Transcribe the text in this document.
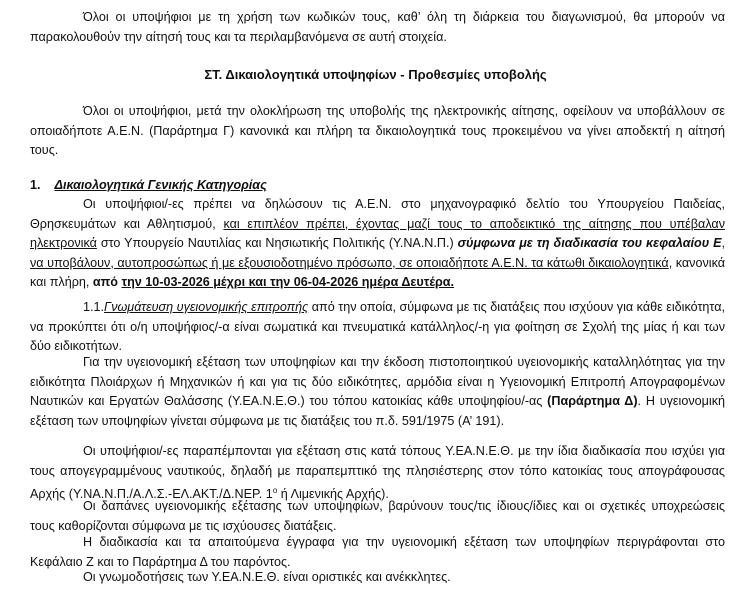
Όλοι οι υποψήφιοι με τη χρήση των κωδικών τους, καθ’ όλη τη διάρκεια του διαγωνισμού, θα μπορούν να παρακολουθούν την αίτησή τους και τα περιλαμβανόμενα σε αυτή στοιχεία.

ΣΤ. Δικαιολογητικά υποψηφίων - Προθεσμίες υποβολής

Όλοι οι υποψήφιοι, μετά την ολοκλήρωση της υποβολής της ηλεκτρονικής αίτησης, οφείλουν να υποβάλλουν σε οποιαδήποτε Α.Ε.Ν. (Παράρτημα Γ) κανονικά και πλήρη τα δικαιολογητικά τους προκειμένου να γίνει αποδεκτή η αίτησή τους.

1. Δικαιολογητικά Γενικής Κατηγορίας

Οι υποψήφιοι/-ες πρέπει να δηλώσουν τις Α.Ε.Ν. στο μηχανογραφικό δελτίο του Υπουργείου Παιδείας, Θρησκευμάτων και Αθλητισμού, και επιπλέον πρέπει, έχοντας μαζί τους το αποδεικτικό της αίτησης που υπέβαλαν ηλεκτρονικά στο Υπουργείο Ναυτιλίας και Νησιωτικής Πολιτικής (Υ.ΝΑ.Ν.Π.) σύμφωνα με τη διαδικασία του κεφαλαίου Ε, να υποβάλουν, αυτοπροσώπως ή με εξουσιοδοτημένο πρόσωπο, σε οποιαδήποτε Α.Ε.Ν. τα κάτωθι δικαιολογητικά, κανονικά και πλήρη, από την 10-03-2026 μέχρι και την 06-04-2026 ημέρα Δευτέρα.

1.1.Γνωμάτευση υγειονομικής επιτροπής από την οποία, σύμφωνα με τις διατάξεις που ισχύουν για κάθε ειδικότητα, να προκύπτει ότι ο/η υποψήφιος/-α είναι σωματικά και πνευματικά κατάλληλος/-η για φοίτηση σε Σχολή της μίας ή και των δύο ειδικοτήτων.

Για την υγειονομική εξέταση των υποψηφίων και την έκδοση πιστοποιητικού υγειονομικής καταλληλότητας για την ειδικότητα Πλοιάρχων ή Μηχανικών ή και για τις δύο ειδικότητες, αρμόδια είναι η Υγειονομική Επιτροπή Απογραφομένων Ναυτικών και Εργατών Θαλάσσης (Υ.ΕΑ.Ν.Ε.Θ.) του τόπου κατοικίας κάθε υποψηφίου/-ας (Παράρτημα Δ). Η υγειονομική εξέταση των υποψηφίων γίνεται σύμφωνα με τις διατάξεις του π.δ. 591/1975 (Α’ 191).

Οι υποψήφιοι/-ες παραπέμπονται για εξέταση στις κατά τόπους Υ.ΕΑ.Ν.Ε.Θ. με την ίδια διαδικασία που ισχύει για τους απογεγραμμένους ναυτικούς, δηλαδή με παραπεμπτικό της πλησιέστερης στον τόπο κατοικίας τους απογράφουσας Αρχής (Υ.ΝΑ.Ν.Π./Α.Λ.Σ.-ΕΛ.ΑΚΤ./Δ.ΝΕΡ. $1^o$ ή Λιμενικής Αρχής).

Οι δαπάνες υγειονομικής εξέτασης των υποψηφίων, βαρύνουν τους/τις ίδιους/ίδιες και οι σχετικές υποχρεώσεις τους καθορίζονται σύμφωνα με τις ισχύουσες διατάξεις.

Η διαδικασία και τα απαιτούμενα έγγραφα για την υγειονομική εξέταση των υποψηφίων περιγράφονται στο Κεφάλαιο Ζ και το Παράρτημα Δ του παρόντος.

Οι γνωμοδοτήσεις των Υ.ΕΑ.Ν.Ε.Θ. είναι οριστικές και ανέκκλητες.
